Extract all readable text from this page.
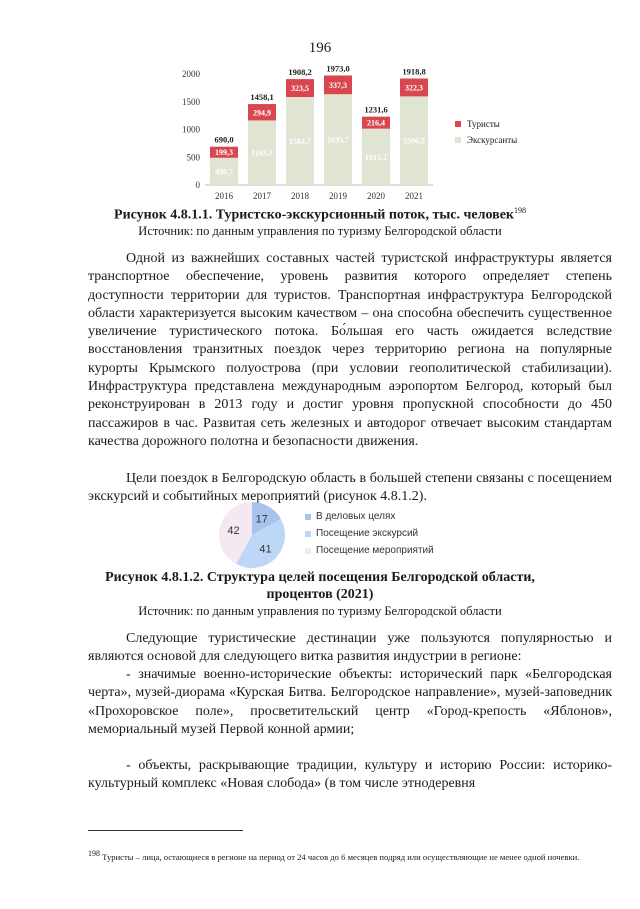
196
0
500
1000
1500
2000
490,7
199,3
690,0
2016
1163,2
294,9
1458,1
2017
1584,7
323,5
1908,2
2018
1635,7
337,3
1973,0
2019
1015,2
216,4
1231,6
2020
1596,5
322,3
1918,8
2021
Туристы
Экскурсанты
Рисунок 4.8.1.1. Туристско-экскурсионный поток, тыс. человек$^{198}$
Источник: по данным управления по туризму Белгородской области
Одной из важнейших составных частей туристской инфраструктуры является транспортное обеспечение, уровень развития которого определяет степень доступности территории для туристов. Транспортная инфраструктура Белгородской области характеризуется высоким качеством – она способна обеспечить существенное увеличение туристического потока. Бо́льшая его часть ожидается вследствие восстановления транзитных поездок через территорию региона на популярные курорты Крымского полуострова (при условии геополитической стабилизации). Инфраструктура представлена международным аэропортом Белгород, который был реконструирован в 2013 году и достиг уровня пропускной способности до 450 пассажиров в час. Развитая сеть железных и автодорог отвечает высоким стандартам качества дорожного полотна и безопасности движения.
Цели поездок в Белгородскую область в большей степени связаны с посещением экскурсий и событийных мероприятий (рисунок 4.8.1.2).
17
41
42
В деловых целях
Посещение экскурсий
Посещение мероприятий
Рисунок 4.8.1.2. Структура целей посещения Белгородской области,
процентов (2021)
Источник: по данным управления по туризму Белгородской области
Следующие туристические дестинации уже пользуются популярностью и являются основой для следующего витка развития индустрии в регионе:
- значимые военно-исторические объекты: исторический парк «Белгородская черта», музей-диорама «Курская Битва. Белгородское направление», музей-заповедник «Прохоровское поле», просветительский центр «Город-крепость «Яблонов», мемориальный музей Первой конной армии;
- объекты, раскрывающие традиции, культуру и историю России: историко-культурный комплекс «Новая слобода» (в том числе этнодеревня
$^{198}$ Туристы – лица, остающиеся в регионе на период от 24 часов до 6 месяцев подряд или осуществляющие не менее одной ночевки.
